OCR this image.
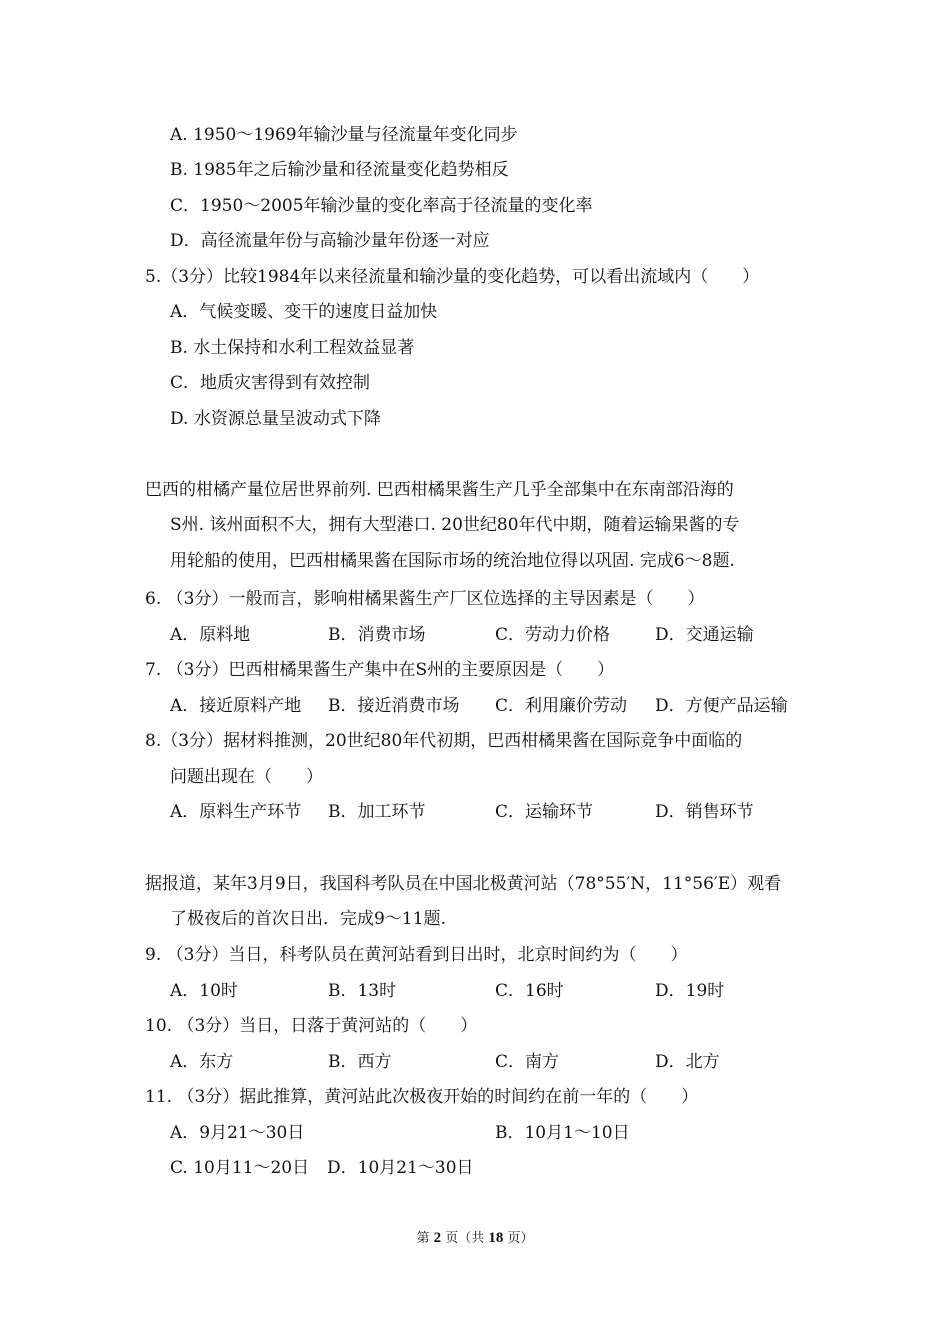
A. 1950～1969年输沙量与径流量年变化同步
B. 1985年之后输沙量和径流量变化趋势相反
C．1950～2005年输沙量的变化率高于径流量的变化率
D．高径流量年份与高输沙量年份逐一对应
5.（3分）比较1984年以来径流量和输沙量的变化趋势，可以看出流域内（　　）
A．气候变暖、变干的速度日益加快
B. 水土保持和水利工程效益显著
C．地质灾害得到有效控制
D. 水资源总量呈波动式下降
巴西的柑橘产量位居世界前列. 巴西柑橘果酱生产几乎全部集中在东南部沿海的
S州. 该州面积不大，拥有大型港口. 20世纪80年代中期，随着运输果酱的专
用轮船的使用，巴西柑橘果酱在国际市场的统治地位得以巩固. 完成6～8题.
6. （3分）一般而言，影响柑橘果酱生产厂区位选择的主导因素是（　　）
A．原料地	B．消费市场	C．劳动力价格	D．交通运输
7. （3分）巴西柑橘果酱生产集中在S州的主要原因是（　　）
A．接近原料产地 B．接近消费市场 C．利用廉价劳动 D．方便产品运输
8.（3分）据材料推测，20世纪80年代初期，巴西柑橘果酱在国际竞争中面临的
问题出现在（　　）
A．原料生产环节 B．加工环节	C．运输环节	D．销售环节
据报道，某年3月9日，我国科考队员在中国北极黄河站（78°55′N，11°56′E）观看
了极夜后的首次日出．完成9～11题.
9. （3分）当日，科考队员在黄河站看到日出时，北京时间约为（　　）
A．10时	B．13时	C．16时	D．19时
10. （3分）当日，日落于黄河站的（　　）
A．东方	B．西方	C．南方	D．北方
11. （3分）据此推算，黄河站此次极夜开始的时间约在前一年的（　　）
A．9月21～30日	B．10月1～10日
C. 10月11～20日 D．10月21～30日
第 2 页（共 18 页）
